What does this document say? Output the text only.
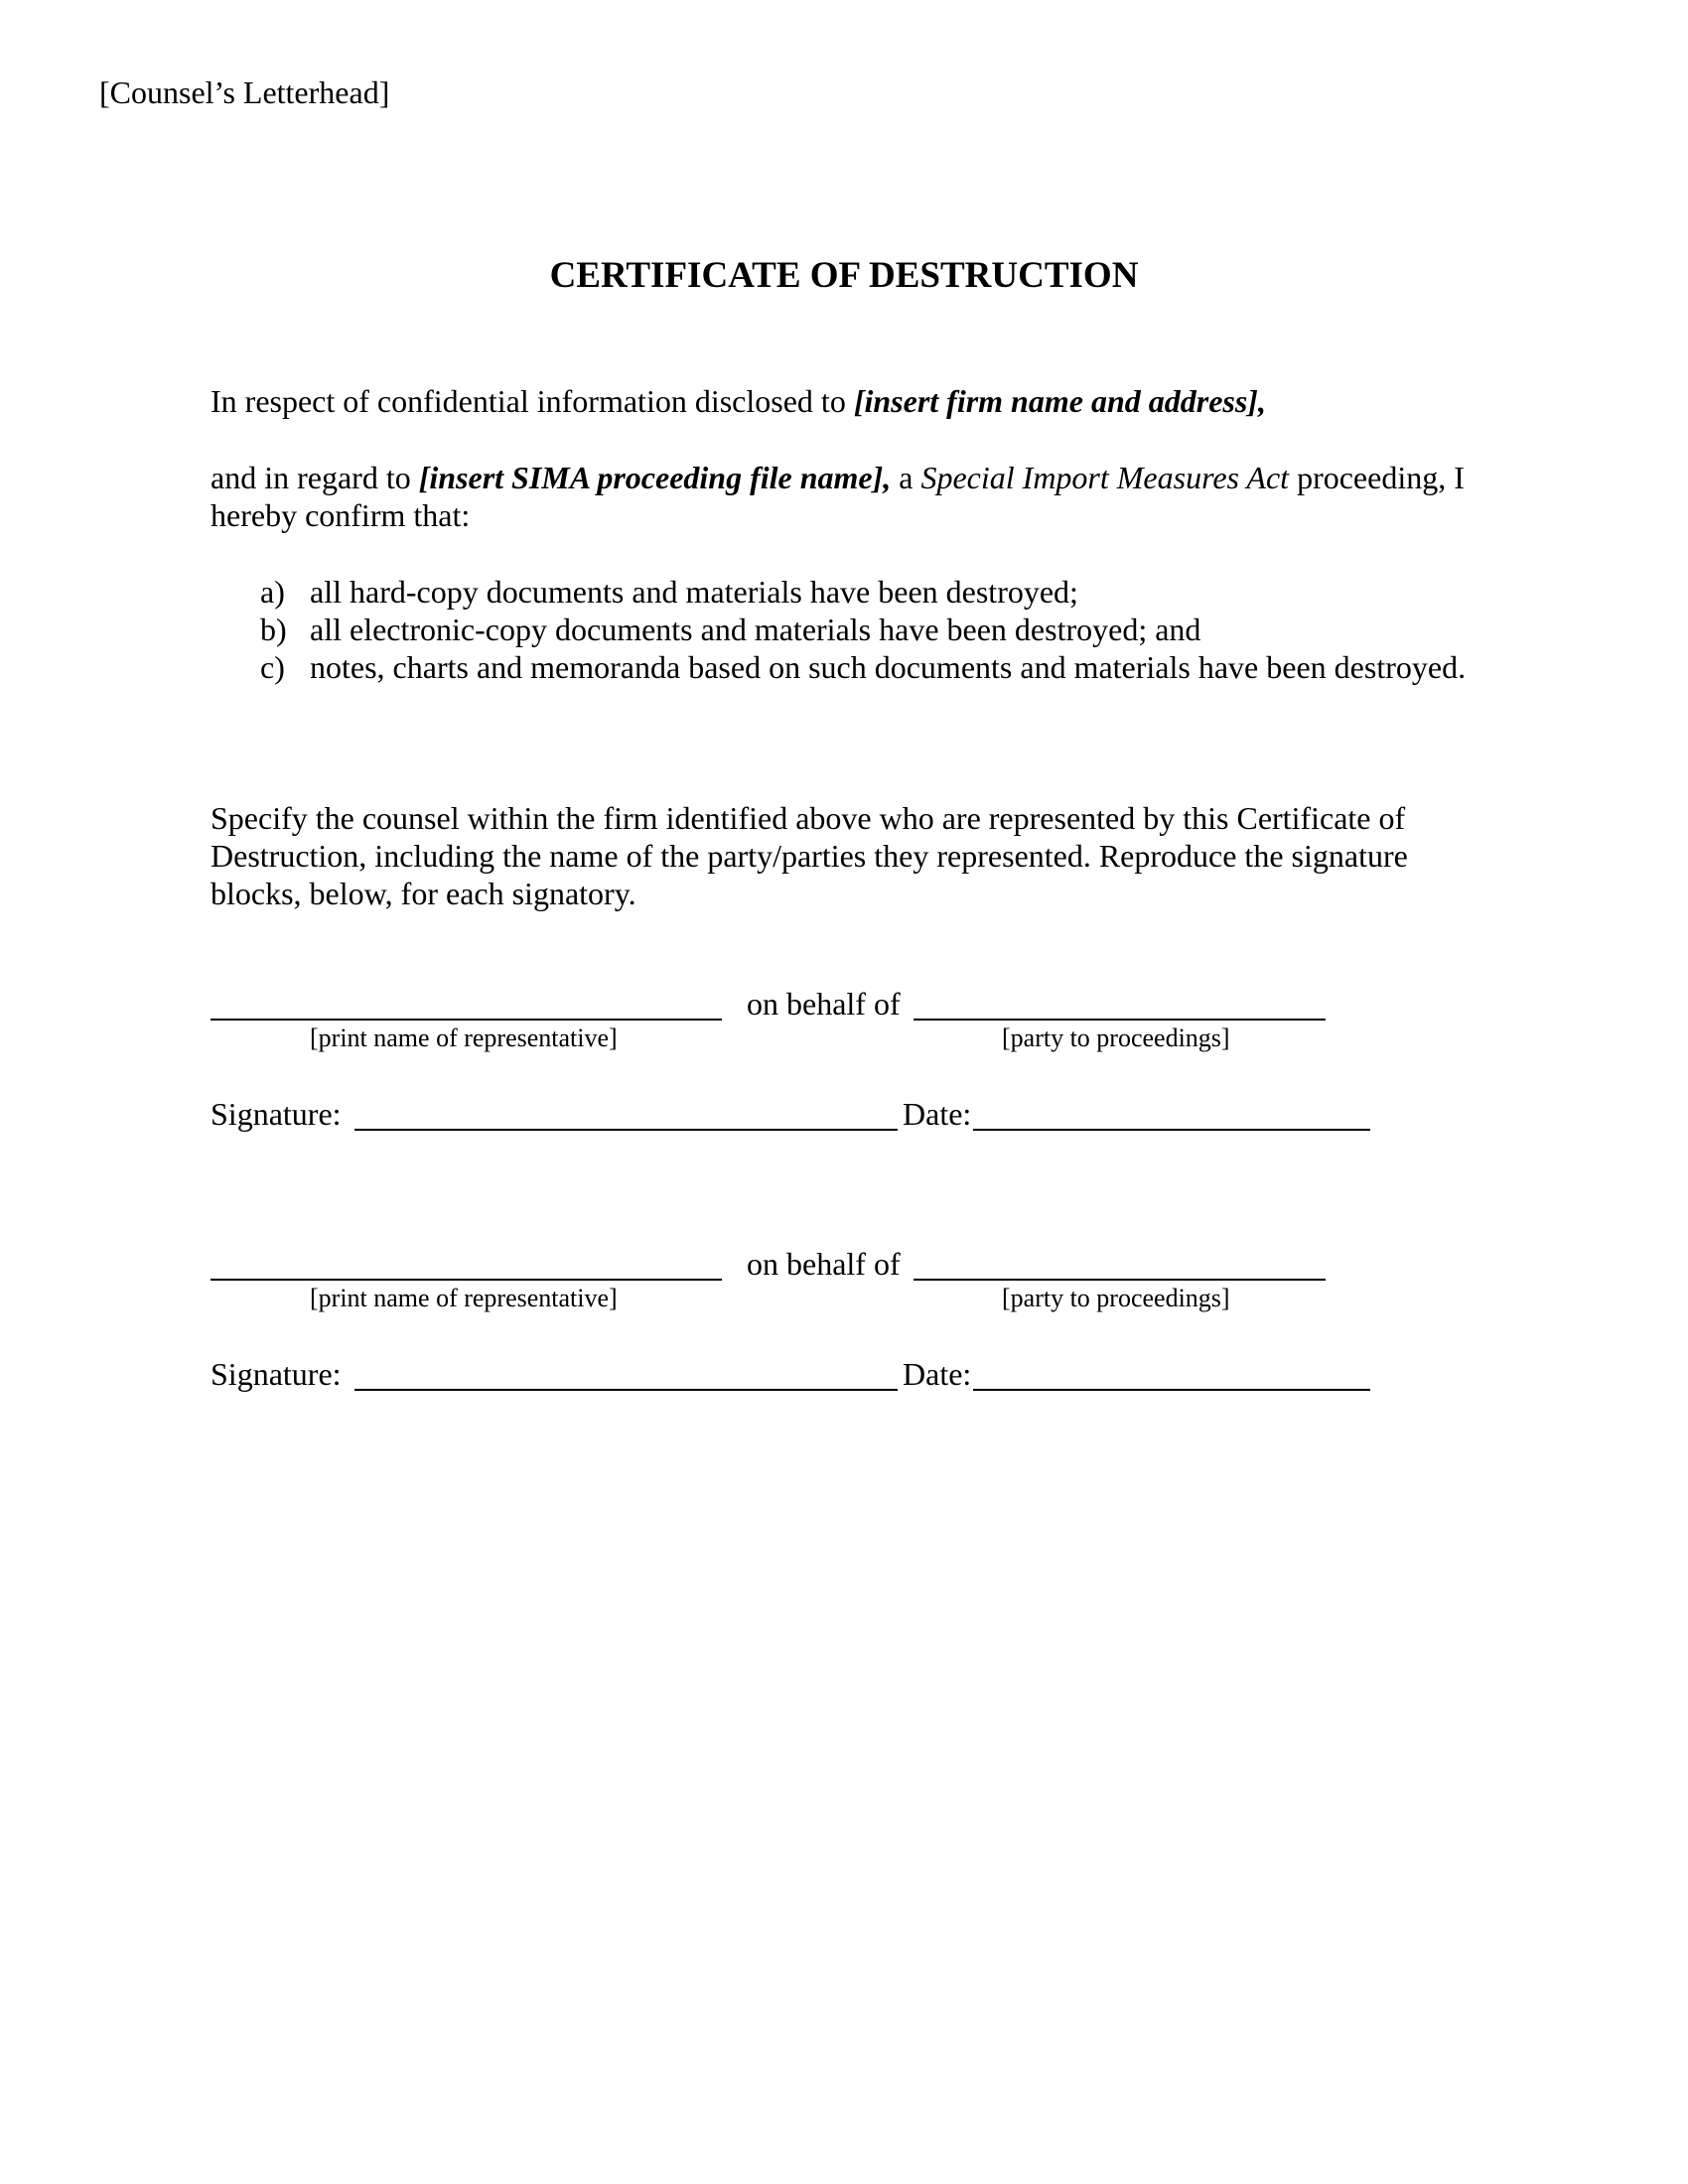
[Counsel’s Letterhead]
CERTIFICATE OF DESTRUCTION
In respect of confidential information disclosed to [insert firm name and address],
and in regard to [insert SIMA proceeding file name], a Special Import Measures Act proceeding, I hereby confirm that:
a) all hard-copy documents and materials have been destroyed;
b) all electronic-copy documents and materials have been destroyed; and
c) notes, charts and memoranda based on such documents and materials have been destroyed.
Specify the counsel within the firm identified above who are represented by this Certificate of Destruction, including the name of the party/parties they represented. Reproduce the signature blocks, below, for each signatory.
on behalf of
[print name of representative]	[party to proceedings]
Signature:	Date:
on behalf of
[print name of representative]	[party to proceedings]
Signature:	Date:
